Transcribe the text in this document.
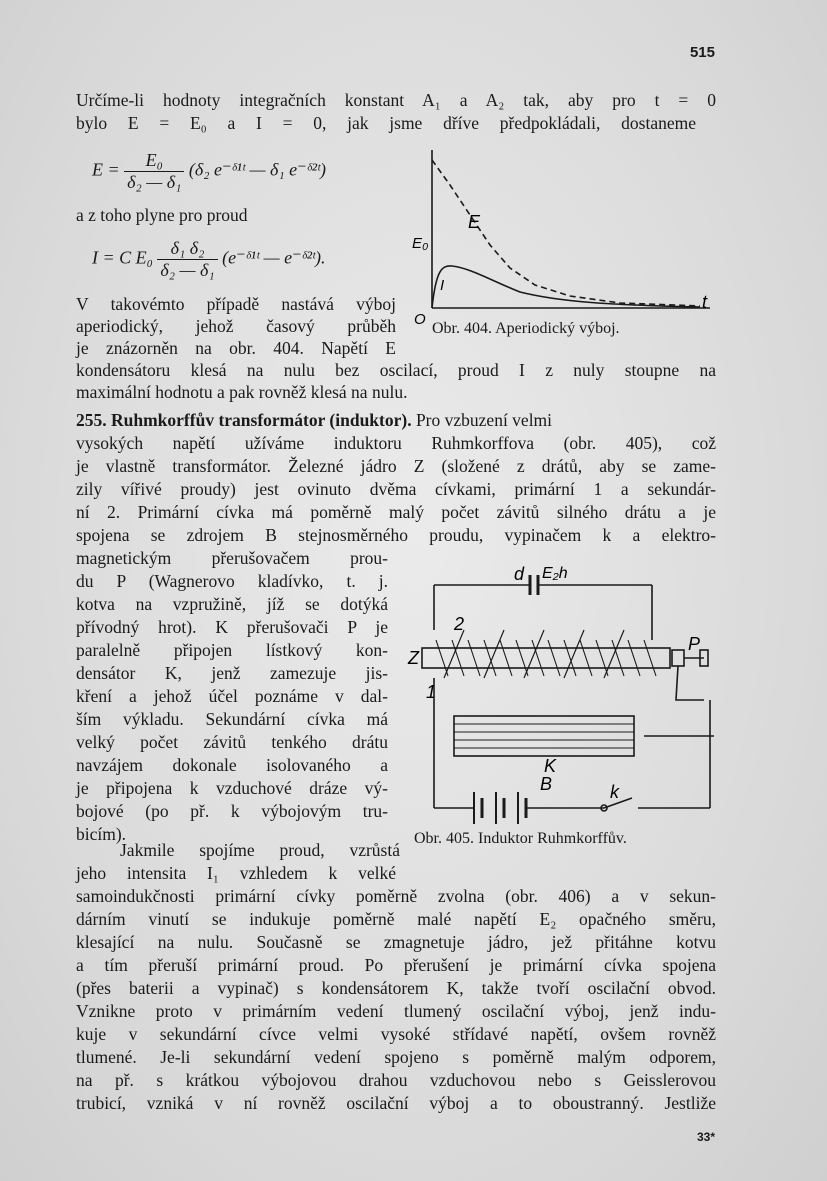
515
Určíme-li hodnoty integračních konstant A₁ a A₂ tak, aby pro t = 0
bylo E = E₀ a I = 0, jak jsme dříve předpokládali, dostaneme
$E = \frac{\text{E₀}}{\text{δ₂ — δ₁}} (\delta_2$ e⁻ᵟ¹ᵗ — δ₁ e⁻ᵟ²ᵗ)
a z toho plyne pro proud
I = C $E_0 \frac{\text{δ₁ δ₂}}{\text{δ₂ — δ₁}}$ (e⁻ᵟ¹ᵗ — e⁻ᵟ²ᵗ).
V takovémto případě nastává výboj
aperiodický, jehož časový průběh
je znázorněn na obr. 404. Napětí E
kondensátoru klesá na nulu bez oscilací, proud I z nuly stoupne na
maximální hodnotu a pak rovněž klesá na nulu.
E
E₀
I
O
t
Obr. 404. Aperiodický výboj.
255. Ruhmkorffův transformátor (induktor). Pro vzbuzení velmi
vysokých napětí užíváme induktoru Ruhmkorffova (obr. 405), což
je vlastně transformátor. Železné jádro Z (složené z drátů, aby se zame-
zily vířivé proudy) jest ovinuto dvěma cívkami, primární 1 a sekundár-
ní 2. Primární cívka má poměrně malý počet závitů silného drátu a je
spojena se zdrojem B stejnosměrného proudu, vypinačem k a elektro-
magnetickým přerušovačem prou-
du P (Wagnerovo kladívko, t. j.
kotva na vzpružině, jíž se dotýká
přívodný hrot). K přerušovači P je
paralelně připojen lístkový kon-
densátor K, jenž zamezuje jis-
kření a jehož účel poznáme v dal-
ším výkladu. Sekundární cívka má
velký počet závitů tenkého drátu
navzájem dokonale isolovaného a
je připojena k vzduchové dráze vý-
bojové (po př. k výbojovým tru-
bicím).
Jakmile spojíme proud, vzrůstá
jeho intensita I₁ vzhledem k velké
samoindukčnosti primární cívky poměrně zvolna (obr. 406) a v sekun-
dárním vinutí se indukuje poměrně malé napětí E₂ opačného směru,
klesající na nulu. Současně se zmagnetuje jádro, jež přitáhne kotvu
a tím přeruší primární proud. Po přerušení je primární cívka spojena
(přes baterii a vypinač) s kondensátorem K, takže tvoří oscilační obvod.
Vznikne proto v primárním vedení tlumený oscilační výboj, jenž indu-
kuje v sekundární cívce velmi vysoké střídavé napětí, ovšem rovněž
tlumené. Je-li sekundární vedení spojeno s poměrně malým odporem,
na př. s krátkou výbojovou drahou vzduchovou nebo s Geisslerovou
trubicí, vzniká v ní rovněž oscilační výboj a to oboustranný. Jestliže
d E₂h
2
Z
P
1
K
B	k
Obr. 405. Induktor Ruhmkorffův.
33*
